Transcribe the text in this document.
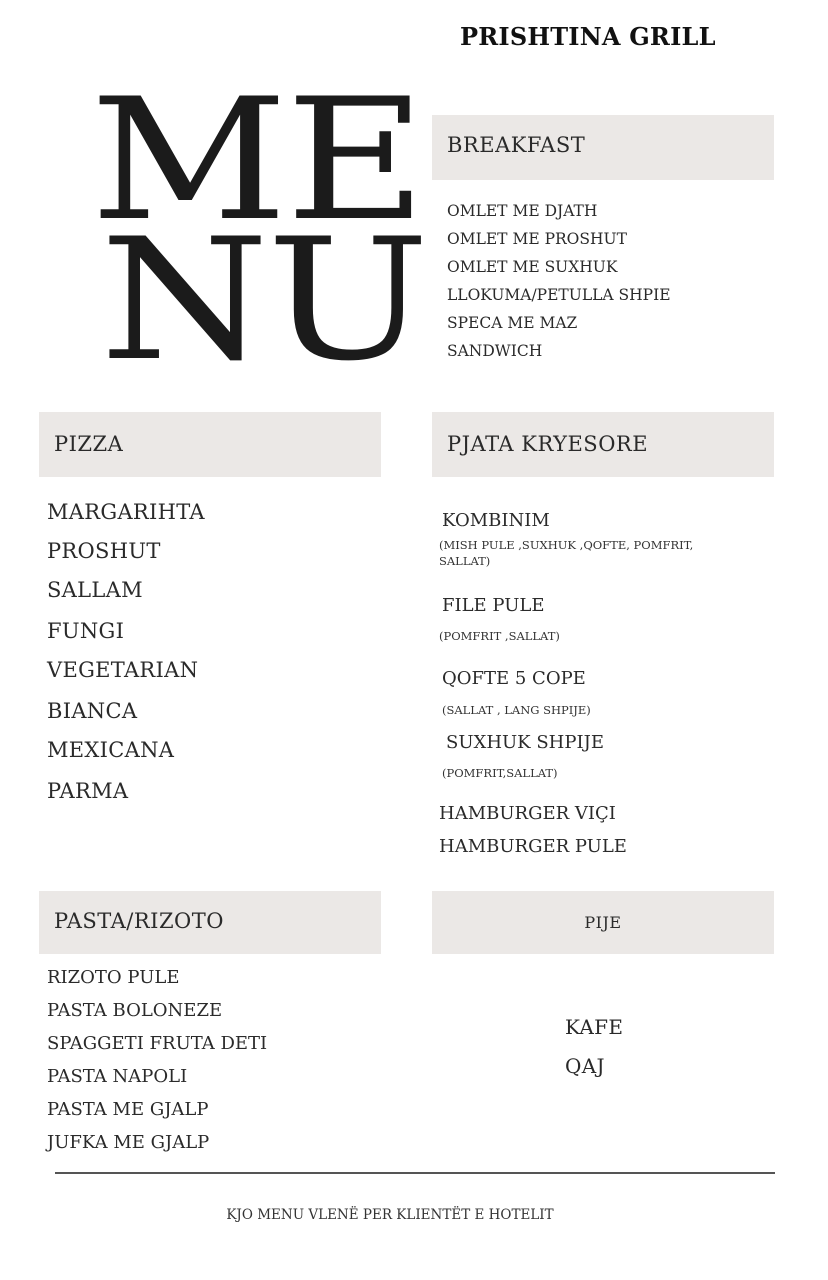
PRISHTINA GRILL
ME
NU
BREAKFAST
OMLET ME DJATH
OMLET ME PROSHUT
OMLET ME SUXHUK
LLOKUMA/PETULLA SHPIE
SPECA ME MAZ
SANDWICH
PIZZA
MARGARIHTA
PROSHUT
SALLAM
FUNGI
VEGETARIAN
BIANCA
MEXICANA
PARMA
PJATA KRYESORE
KOMBINIM
(MISH PULE ,SUXHUK ,QOFTE, POMFRIT, SALLAT)
FILE PULE
(POMFRIT ,SALLAT)
QOFTE 5 COPE
(SALLAT , LANG SHPIJE)
SUXHUK SHPIJE
(POMFRIT,SALLAT)
HAMBURGER VIÇI
HAMBURGER PULE
PASTA/RIZOTO
RIZOTO PULE
PASTA BOLONEZE
SPAGGETI FRUTA DETI
PASTA NAPOLI
PASTA ME GJALP
JUFKA ME GJALP
PIJE
KAFE
QAJ
KJO MENU VLENË PER KLIENTËT E HOTELIT
